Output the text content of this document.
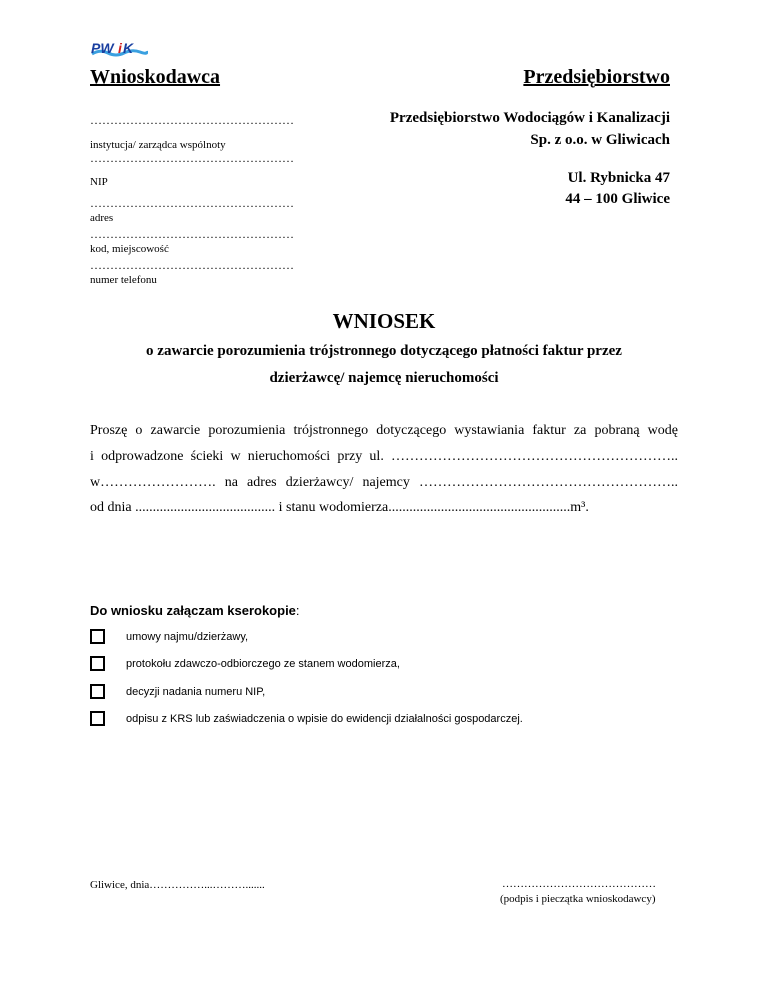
PW i K
Wnioskodawca	Przedsiębiorstwo
……………………………………………
instytucja/ zarządca wspólnoty
……………………………………………
NIP
……………………………………………
adres
……………………………………………
kod, miejscowość
……………………………………………
numer telefonu
Przedsiębiorstwo Wodociągów i Kanalizacji
Sp. z o.o. w Gliwicach
Ul. Rybnicka 47
44 – 100 Gliwice
WNIOSEK
o zawarcie porozumienia trójstronnego dotyczącego płatności faktur przez
dzierżawcę/ najemcę nieruchomości
Proszę o zawarcie porozumienia trójstronnego dotyczącego wystawiania faktur za pobraną wodę
i odprowadzone ścieki w nieruchomości przy ul. ……………………………………………………..
w……………………. na adres dzierżawcy/ najemcy ………………………………………………..
od dnia ........................................ i stanu wodomierza....................................................m³.
Do wniosku załączam kserokopie:
umowy najmu/dzierżawy,
protokołu zdawczo-odbiorczego ze stanem wodomierza,
decyzji nadania numeru NIP,
odpisu z KRS lub zaświadczenia o wpisie do ewidencji działalności gospodarczej.
Gliwice, dnia……………...……….......	……………………………………
(podpis i pieczątka wnioskodawcy)
